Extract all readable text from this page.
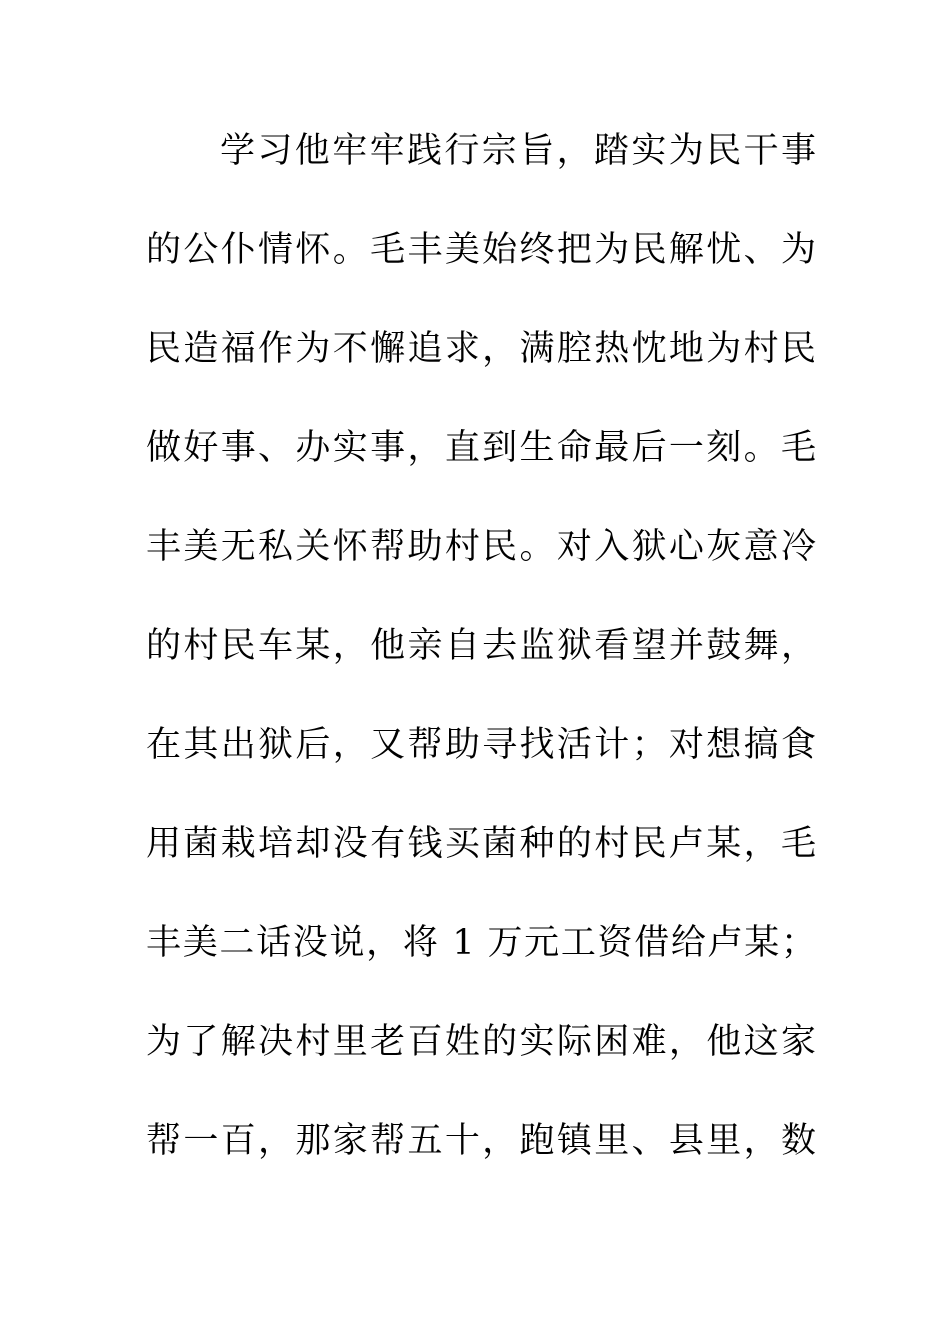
学习他牢牢践行宗旨，踏实为民干事
的公仆情怀。毛丰美始终把为民解忧、为
民造福作为不懈追求，满腔热忱地为村民
做好事、办实事，直到生命最后一刻。毛
丰美无私关怀帮助村民。对入狱心灰意冷
的村民车某，他亲自去监狱看望并鼓舞，
在其出狱后，又帮助寻找活计；对想搞食
用菌栽培却没有钱买菌种的村民卢某，毛
丰美二话没说，将 1 万元工资借给卢某；
为了解决村里老百姓的实际困难，他这家
帮一百，那家帮五十，跑镇里、县里，数
